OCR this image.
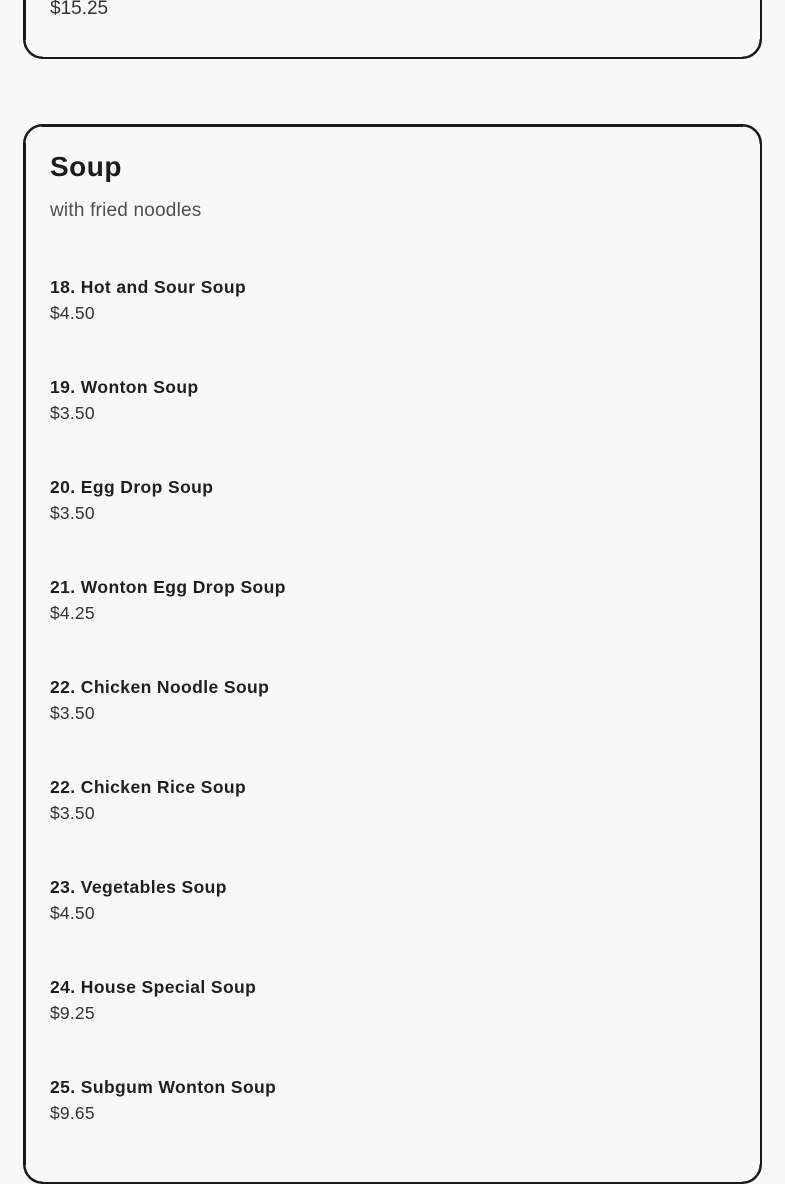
$15.25
Soup

with fried noodles

18. Hot and Sour Soup
$4.50
19. Wonton Soup
$3.50
20. Egg Drop Soup
$3.50
21. Wonton Egg Drop Soup
$4.25
22. Chicken Noodle Soup
$3.50
22. Chicken Rice Soup
$3.50
23. Vegetables Soup
$4.50
24. House Special Soup
$9.25
25. Subgum Wonton Soup
$9.65
